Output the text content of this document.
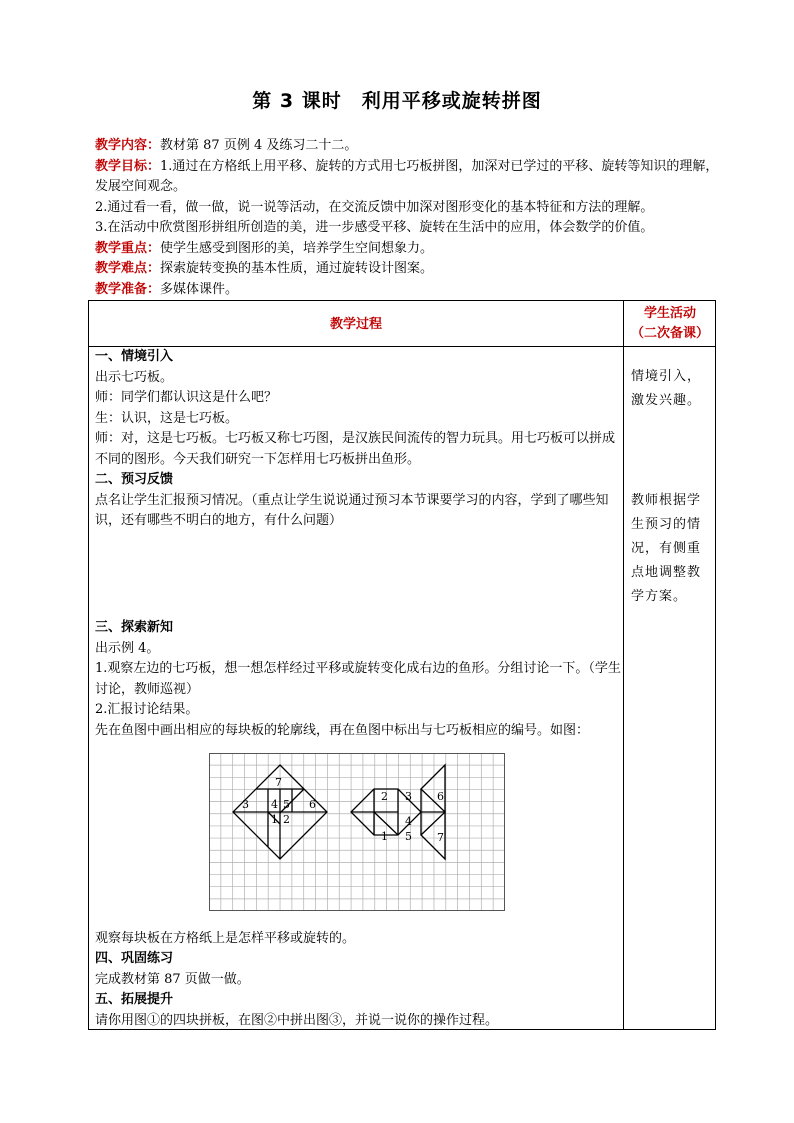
第 3 课时　利用平移或旋转拼图

教学内容：教材第 87 页例 4 及练习二十二。

教学目标：1.通过在方格纸上用平移、旋转的方式用七巧板拼图，加深对已学过的平移、旋转等知识的理解，发展空间观念。

2.通过看一看，做一做，说一说等活动，在交流反馈中加深对图形变化的基本特征和方法的理解。

3.在活动中欣赏图形拼组所创造的美，进一步感受平移、旋转在生活中的应用，体会数学的价值。

教学重点：使学生感受到图形的美，培养学生空间想象力。

教学难点：探索旋转变换的基本性质，通过旋转设计图案。

教学准备：多媒体课件。

教学过程
学生活动
（二次备课）

一、情境引入

出示七巧板。

师：同学们都认识这是什么吧？

生：认识，这是七巧板。

师：对，这是七巧板。七巧板又称七巧图，是汉族民间流传的智力玩具。用七巧板可以拼成不同的图形。今天我们研究一下怎样用七巧板拼出鱼形。

二、预习反馈

点名让学生汇报预习情况。（重点让学生说说通过预习本节课要学习的内容，学到了哪些知识，还有哪些不明白的地方，有什么问题）

三、探索新知

出示例 4。

1.观察左边的七巧板，想一想怎样经过平移或旋转变化成右边的鱼形。分组讨论一下。（学生讨论，教师巡视）

2.汇报讨论结果。

先在鱼图中画出相应的每块板的轮廓线，再在鱼图中标出与七巧板相应的编号。如图：

7
3 4 5 6
1 2
2 3 6
4
1 5 7
观察每块板在方格纸上是怎样平移或旋转的。

四、巩固练习

完成教材第 87 页做一做。

五、拓展提升

请你用图①的四块拼板，在图②中拼出图③，并说一说你的操作过程。

情境引入，激发兴趣。
教师根据学生预习的情况，有侧重点地调整教学方案。
